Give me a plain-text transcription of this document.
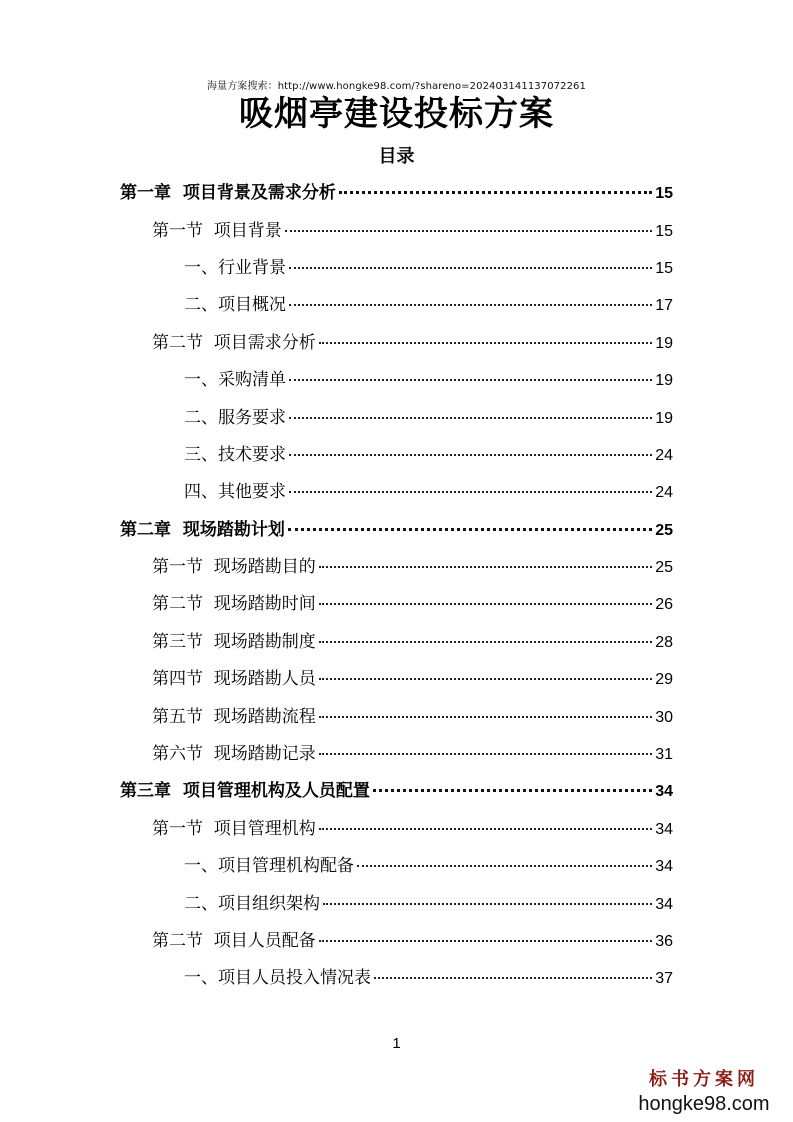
海量方案搜索：http://www.hongke98.com/?shareno=20240314113707226​1
吸烟亭建设投标方案
目录
第一章  项目背景及需求分析	15
第一节  项目背景	15
一、行业背景	15
二、项目概况	17
第二节  项目需求分析	19
一、采购清单	19
二、服务要求	19
三、技术要求	24
四、其他要求	24
第二章  现场踏勘计划	25
第一节  现场踏勘目的	25
第二节  现场踏勘时间	26
第三节  现场踏勘制度	28
第四节  现场踏勘人员	29
第五节  现场踏勘流程	30
第六节  现场踏勘记录	31
第三章  项目管理机构及人员配置	34
第一节  项目管理机构	34
一、项目管理机构配备	34
二、项目组织架构	34
第二节  项目人员配备	36
一、项目人员投入情况表	37
1
标书方案网
hongke98.com
